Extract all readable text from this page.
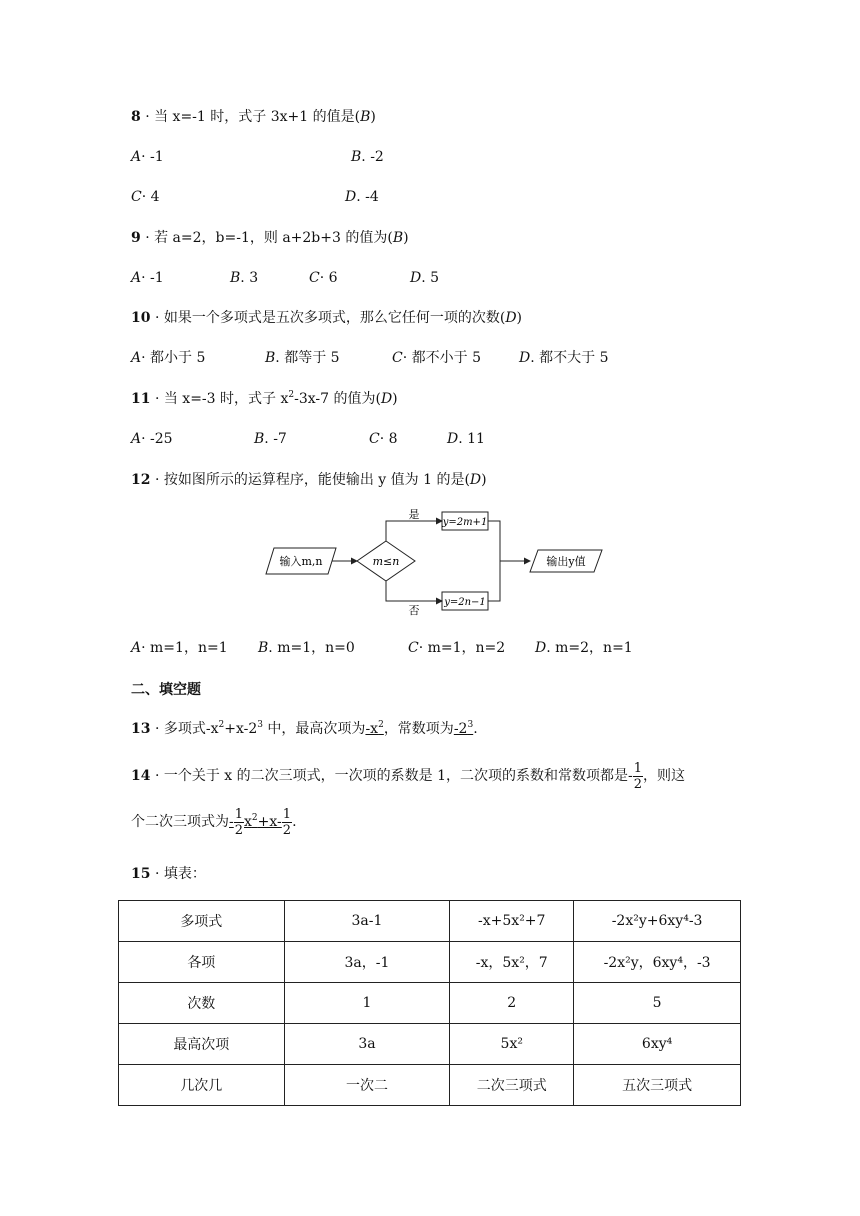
8 · 当 x=-1 时，式子 3x+1 的值是(B)
A· -1	B. -2
C· 4	D. -4
9 · 若 a=2，b=-1，则 a+2b+3 的值为(B)
A· -1	B. 3	C· 6	D. 5
10 · 如果一个多项式是五次多项式，那么它任何一项的次数(D)
A· 都小于 5	B. 都等于 5	C· 都不小于 5	D. 都不大于 5
11 · 当 x=-3 时，式子 $x^2-3x-7$ 的值为(D)
A· -25	B. -7	C· 8	D. 11
12 · 按如图所示的运算程序，能使输出 y 值为 1 的是(D)
输入m,n	m≤n
是
否
y=2m+1
y=2n−1
输出y值
A· m=1，n=1 B. m=1，n=0	C· m=1，n=2 D. m=2，n=1
二、填空题
13 · 多项式$-x^2+x-2^3$ 中，最高次项为$-x^2$，常数项为$-2^3$.
14 · 一个关于 x 的二次三项式，一次项的系数是 1，二次项的系数和常数项都是- $\frac{1}{2}$ ，则这
个二次三项式为- $\frac{1}{2} x^2+x- \frac{1}{2}$ .
15 · 填表：
多项式	3a-1	-x+5x²+7	-2x²y+6xy⁴-3
各项	3a，-1	-x，5x²，7	-2x²y，6xy⁴，-3
次数	1	2	5
最高次项	3a	5x²	6xy⁴
几次几	一次二	二次三项式	五次三项式
